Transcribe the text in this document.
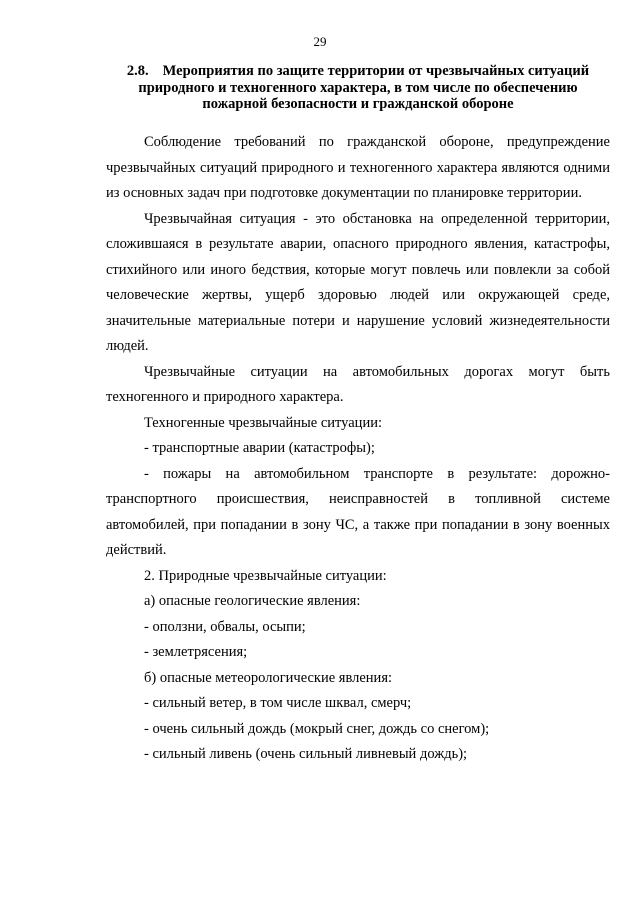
29
2.8. Мероприятия по защите территории от чрезвычайных ситуаций природного и техногенного характера, в том числе по обеспечению пожарной безопасности и гражданской обороне

Соблюдение требований по гражданской обороне, предупреждение чрезвычайных ситуаций природного и техногенного характера являются одними из основных задач при подготовке документации по планировке территории.

Чрезвычайная ситуация - это обстановка на определенной территории, сложившаяся в результате аварии, опасного природного явления, катастрофы, стихийного или иного бедствия, которые могут повлечь или повлекли за собой человеческие жертвы, ущерб здоровью людей или окружающей среде, значительные материальные потери и нарушение условий жизнедеятельности людей.

Чрезвычайные ситуации на автомобильных дорогах могут быть техногенного и природного характера.

Техногенные чрезвычайные ситуации:

- транспортные аварии (катастрофы);

- пожары на автомобильном транспорте в результате: дорожно-транспортного происшествия, неисправностей в топливной системе автомобилей, при попадании в зону ЧС, а также при попадании в зону военных действий.

2. Природные чрезвычайные ситуации:

а) опасные геологические явления:

- оползни, обвалы, осыпи;

- землетрясения;

б) опасные метеорологические явления:

- сильный ветер, в том числе шквал, смерч;

- очень сильный дождь (мокрый снег, дождь со снегом);

- сильный ливень (очень сильный ливневый дождь);
